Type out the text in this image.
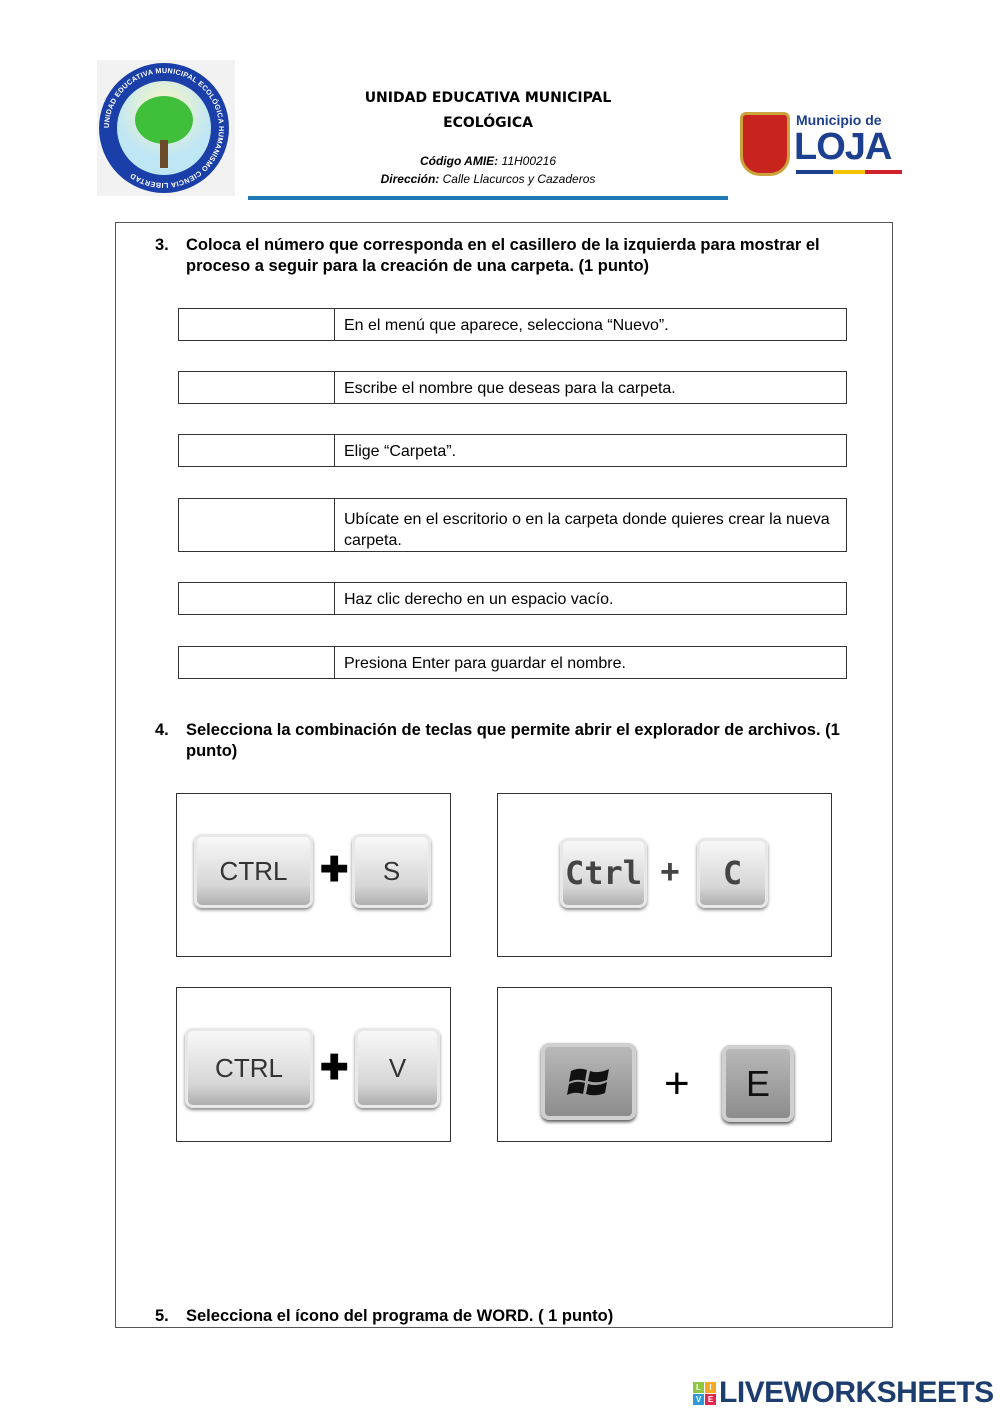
UNIDAD EDUCATIVA MUNICIPAL ECOLÓGICA HUMANISMO CIENCIA LIBERTAD
UNIDAD EDUCATIVA MUNICIPAL
ECOLÓGICA
Código AMIE: 11H00216
Dirección: Calle Llacurcos y Cazaderos
Municipio de
LOJA
3. Coloca el número que corresponda en el casillero de la izquierda para mostrar el proceso a seguir para la creación de una carpeta. (1 punto)
En el menú que aparece, selecciona “Nuevo”.
Escribe el nombre que deseas para la carpeta.
Elige “Carpeta”.
Ubícate en el escritorio o en la carpeta donde quieres crear la nueva carpeta.
Haz clic derecho en un espacio vacío.
Presiona Enter para guardar el nombre.
4. Selecciona la combinación de teclas que permite abrir el explorador de archivos. (1 punto)
CTRL ✚	S	Ctrl +	C
CTRL	✚	V	+	E
5. Selecciona el ícono del programa de WORD. ( 1 punto)
L	I
V E LIVEWORKSHEETS
